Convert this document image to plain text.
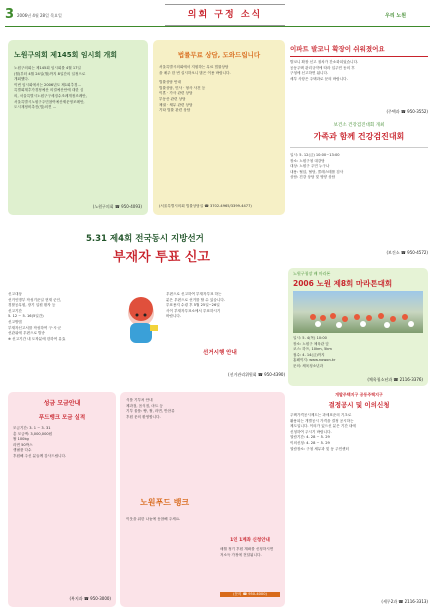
3 2006년 4월 28일 목요일	의회 구정 소식	우리 노원
노원구의회 제145회 임시회 개회
노원구의회는 제145회 임시회를 4월 17일
(월)부터 4월 24일(월)까지 8일간의 일정으로
개회했다.
이번 임시회에서는 2006년도 제1회추경…
특별회계추가경정예산 의결예산안에 대한 심
의, 서울특별시노원구구세징수조례개정조례안,
서울특별시노원구주민참여예산제운영조례안,
도시재정비촉진(법)의견 ...
(노원구의회 ☎ 950-4093)
법률무료 상담, 도와드립니다
서울특별시의회에서 지원하는 무료 법률상담
을 매주 한 번 실시하오니 많은 이용 바랍니다.
법률상담 안내
법률상담, 민사 · 형사 사건 등
이혼 · 가사 관련 상담
부동산 관련 상담
채권 · 채무 관련 상담
기타 법률 관련 상담
(서울특별시의회 법률상담실 ☎ 3702-4965/3399-4477)
이파트 발코니 확장이 쉬워졌어요
발코니 확장 신고 절차가 간소화되었습니다.
공동주택 관리규약에 따라 입주민 동의 후
구청에 신고하면 됩니다.
세부 사항은 주택과로 문의 바랍니다.
(주택과 ☎ 950-3552)
보건소 건강검진대회 개최
가족과 함께 건강검진대회
일시: 5. 12(금) 10:00~13:00
장소: 노원구청 대강당
대상: 노원구 주민 누구나
내용: 혈압, 혈당, 콜레스테롤 검사
상담: 건강 상담 및 영양 상담
(보건소 ☎ 950-4572)
5.31 제4회 전국동시 지방선거
부재자 투표 신고
신고대상
선거인명부 작성기준일 현재 군인,
경찰공무원, 장기 입원 환자 등
신고기간
5. 12 ~ 5. 16(5일간)
신고방법
부재자신고서를 작성하여 구·시·군
선관위에 우편으로 발송
※ 신고기간 내 도착분에 한하여 유효
우편으로 신고하여 부재자투표 하는
분은 우편으로 선거를 할 수 있습니다.
투표용지 수령 후 5월 25일~26일
사이 부재자투표소에서 투표하시기
바랍니다.
선거시행 안내
(선거관리위원회 ☎ 950-4390)
노원구청장 배 마라톤
2006 노원 제8회 마라톤대회
일시: 5. 4(목) 10:00
장소: 노원구 체육관 앞
코스: 하프, 10km, 5km
접수: 4. 14(금)까지
홈페이지: www.nowon.kr
문의: 체육청소년과
(체육청소년과 ☎ 2116-3376)
성금 모금안내
푸드뱅크 모금 실적
모금기간: 3. 1 ~ 3. 31
총 모금액: 3,000,000원
쌀 100kg
라면 50박스
생필품 다수
후원해 주신 분들께 감사드립니다.
(복지과 ☎ 950-3000)
식품 기부처 안내
제과점, 음식점, 마트 등
기부 물품: 빵, 쌀, 라면, 반찬류
후원 문의 환영합니다.
노원푸드 뱅크
이웃을 위한 나눔에 동참해 주세요.
1인 1계좌 신청안내
매월 정기 후원 계좌를 신청하시면
저소득 가정에 전달됩니다.
(문의 ☎ 950-4000)
개발주택지구 공동주택지구
결정공시 및 이의신청
주택가격공시제도는 과세표준의 기초로
활용되는 개별공시 가격을 결정 공시하는
제도입니다. 이의가 있으신 분은 기간 내에
신청하여 주시기 바랍니다.
열람기간: 4. 28 ~ 5. 29
이의신청: 4. 28 ~ 5. 29
열람장소: 구청 세무과 및 동 주민센터
(세무2과 ☎ 2116-3313)
